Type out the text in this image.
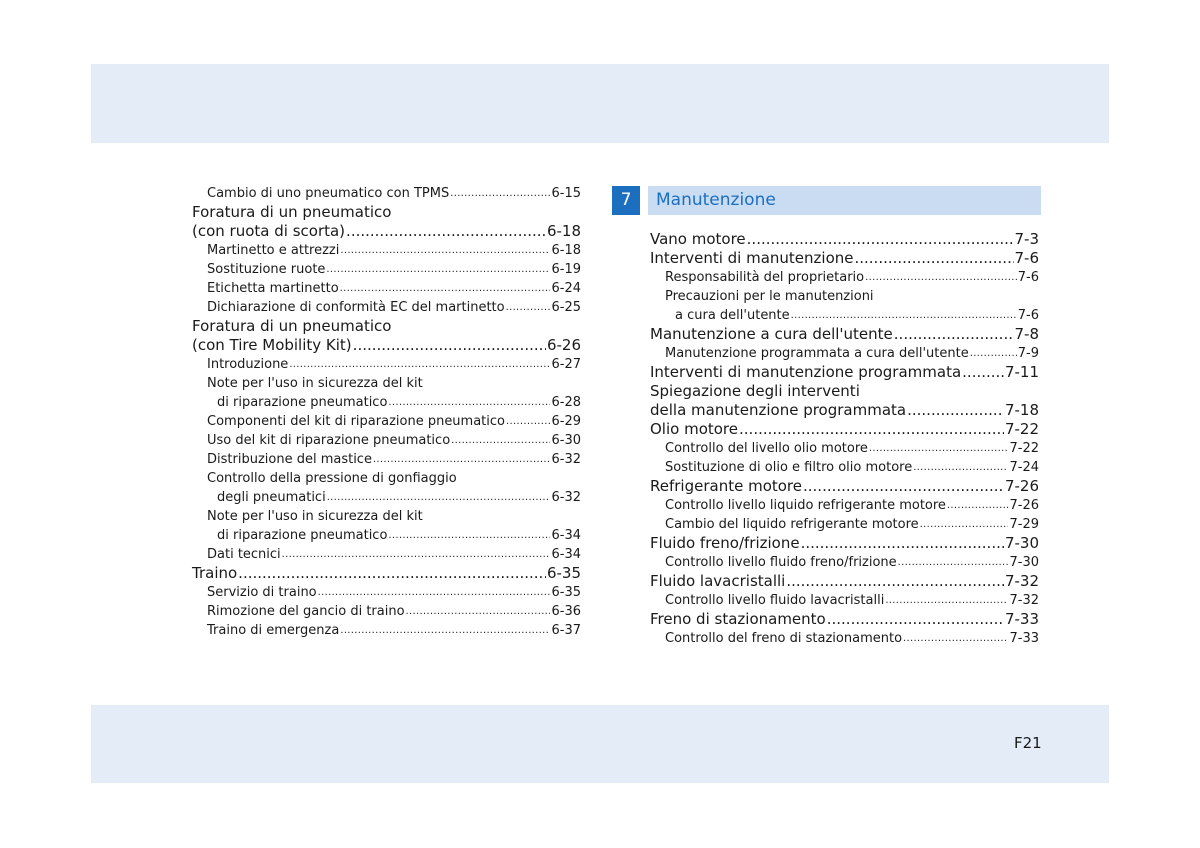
Cambio di uno pneumatico con TPMS .....	6-15
Foratura di un pneumatico
(con ruota di scorta) .....	6-18
Martinetto e attrezzi .....	6-18
Sostituzione ruote .....	6-19
Etichetta martinetto .....	6-24
Dichiarazione di conformità EC del martinetto .....	6-25
Foratura di un pneumatico
(con Tire Mobility Kit) .....	6-26
Introduzione .....	6-27
Note per l'uso in sicurezza del kit
di riparazione pneumatico .....	6-28
Componenti del kit di riparazione pneumatico .....	6-29
Uso del kit di riparazione pneumatico .....	6-30
Distribuzione del mastice .....	6-32
Controllo della pressione di gonfiaggio
degli pneumatici .....	6-32
Note per l'uso in sicurezza del kit
di riparazione pneumatico .....	6-34
Dati tecnici .....	6-34
Traino .....	6-35
Servizio di traino .....	6-35
Rimozione del gancio di traino .....	6-36
Traino di emergenza .....	6-37
7	Manutenzione
Vano motore .....	7-3
Interventi di manutenzione .....	7-6
Responsabilità del proprietario .....	7-6
Precauzioni per le manutenzioni
a cura dell'utente .....	7-6
Manutenzione a cura dell'utente .....	7-8
Manutenzione programmata a cura dell'utente .....	7-9
Interventi di manutenzione programmata .....	7-11
Spiegazione degli interventi
della manutenzione programmata .....	7-18
Olio motore .....	7-22
Controllo del livello olio motore .....	7-22
Sostituzione di olio e filtro olio motore .....	7-24
Refrigerante motore .....	7-26
Controllo livello liquido refrigerante motore .....	7-26
Cambio del liquido refrigerante motore .....	7-29
Fluido freno/frizione .....	7-30
Controllo livello fluido freno/frizione .....	7-30
Fluido lavacristalli .....	7-32
Controllo livello fluido lavacristalli .....	7-32
Freno di stazionamento .....	7-33
Controllo del freno di stazionamento .....	7-33
F21
